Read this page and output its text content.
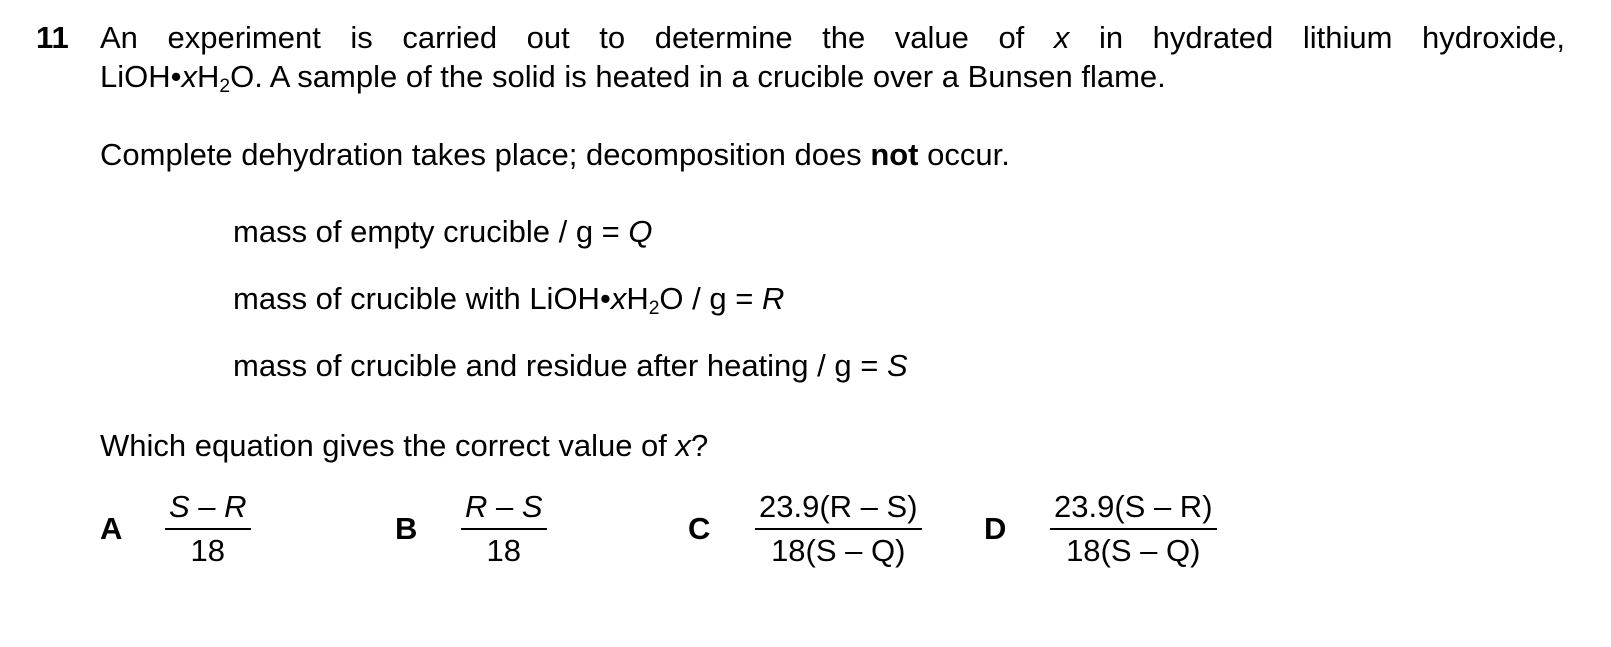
11 An experiment is carried out to determine the value of x in hydrated lithium hydroxide,
$LiOH•xH_2O$. A sample of the solid is heated in a crucible over a Bunsen flame.
Complete dehydration takes place; decomposition does not occur.
mass of empty crucible / g = Q
mass of crucible with $LiOH•xH_2O / g = R$
mass of crucible and residue after heating / g = S
Which equation gives the correct value of x?
A $\frac{S - R}{18}$	B $\frac{R - S}{18}$	C $\frac{23.9(R - S)}{18(S - Q)}$ D $\frac{23.9(S - R)}{18(S - Q)}$
